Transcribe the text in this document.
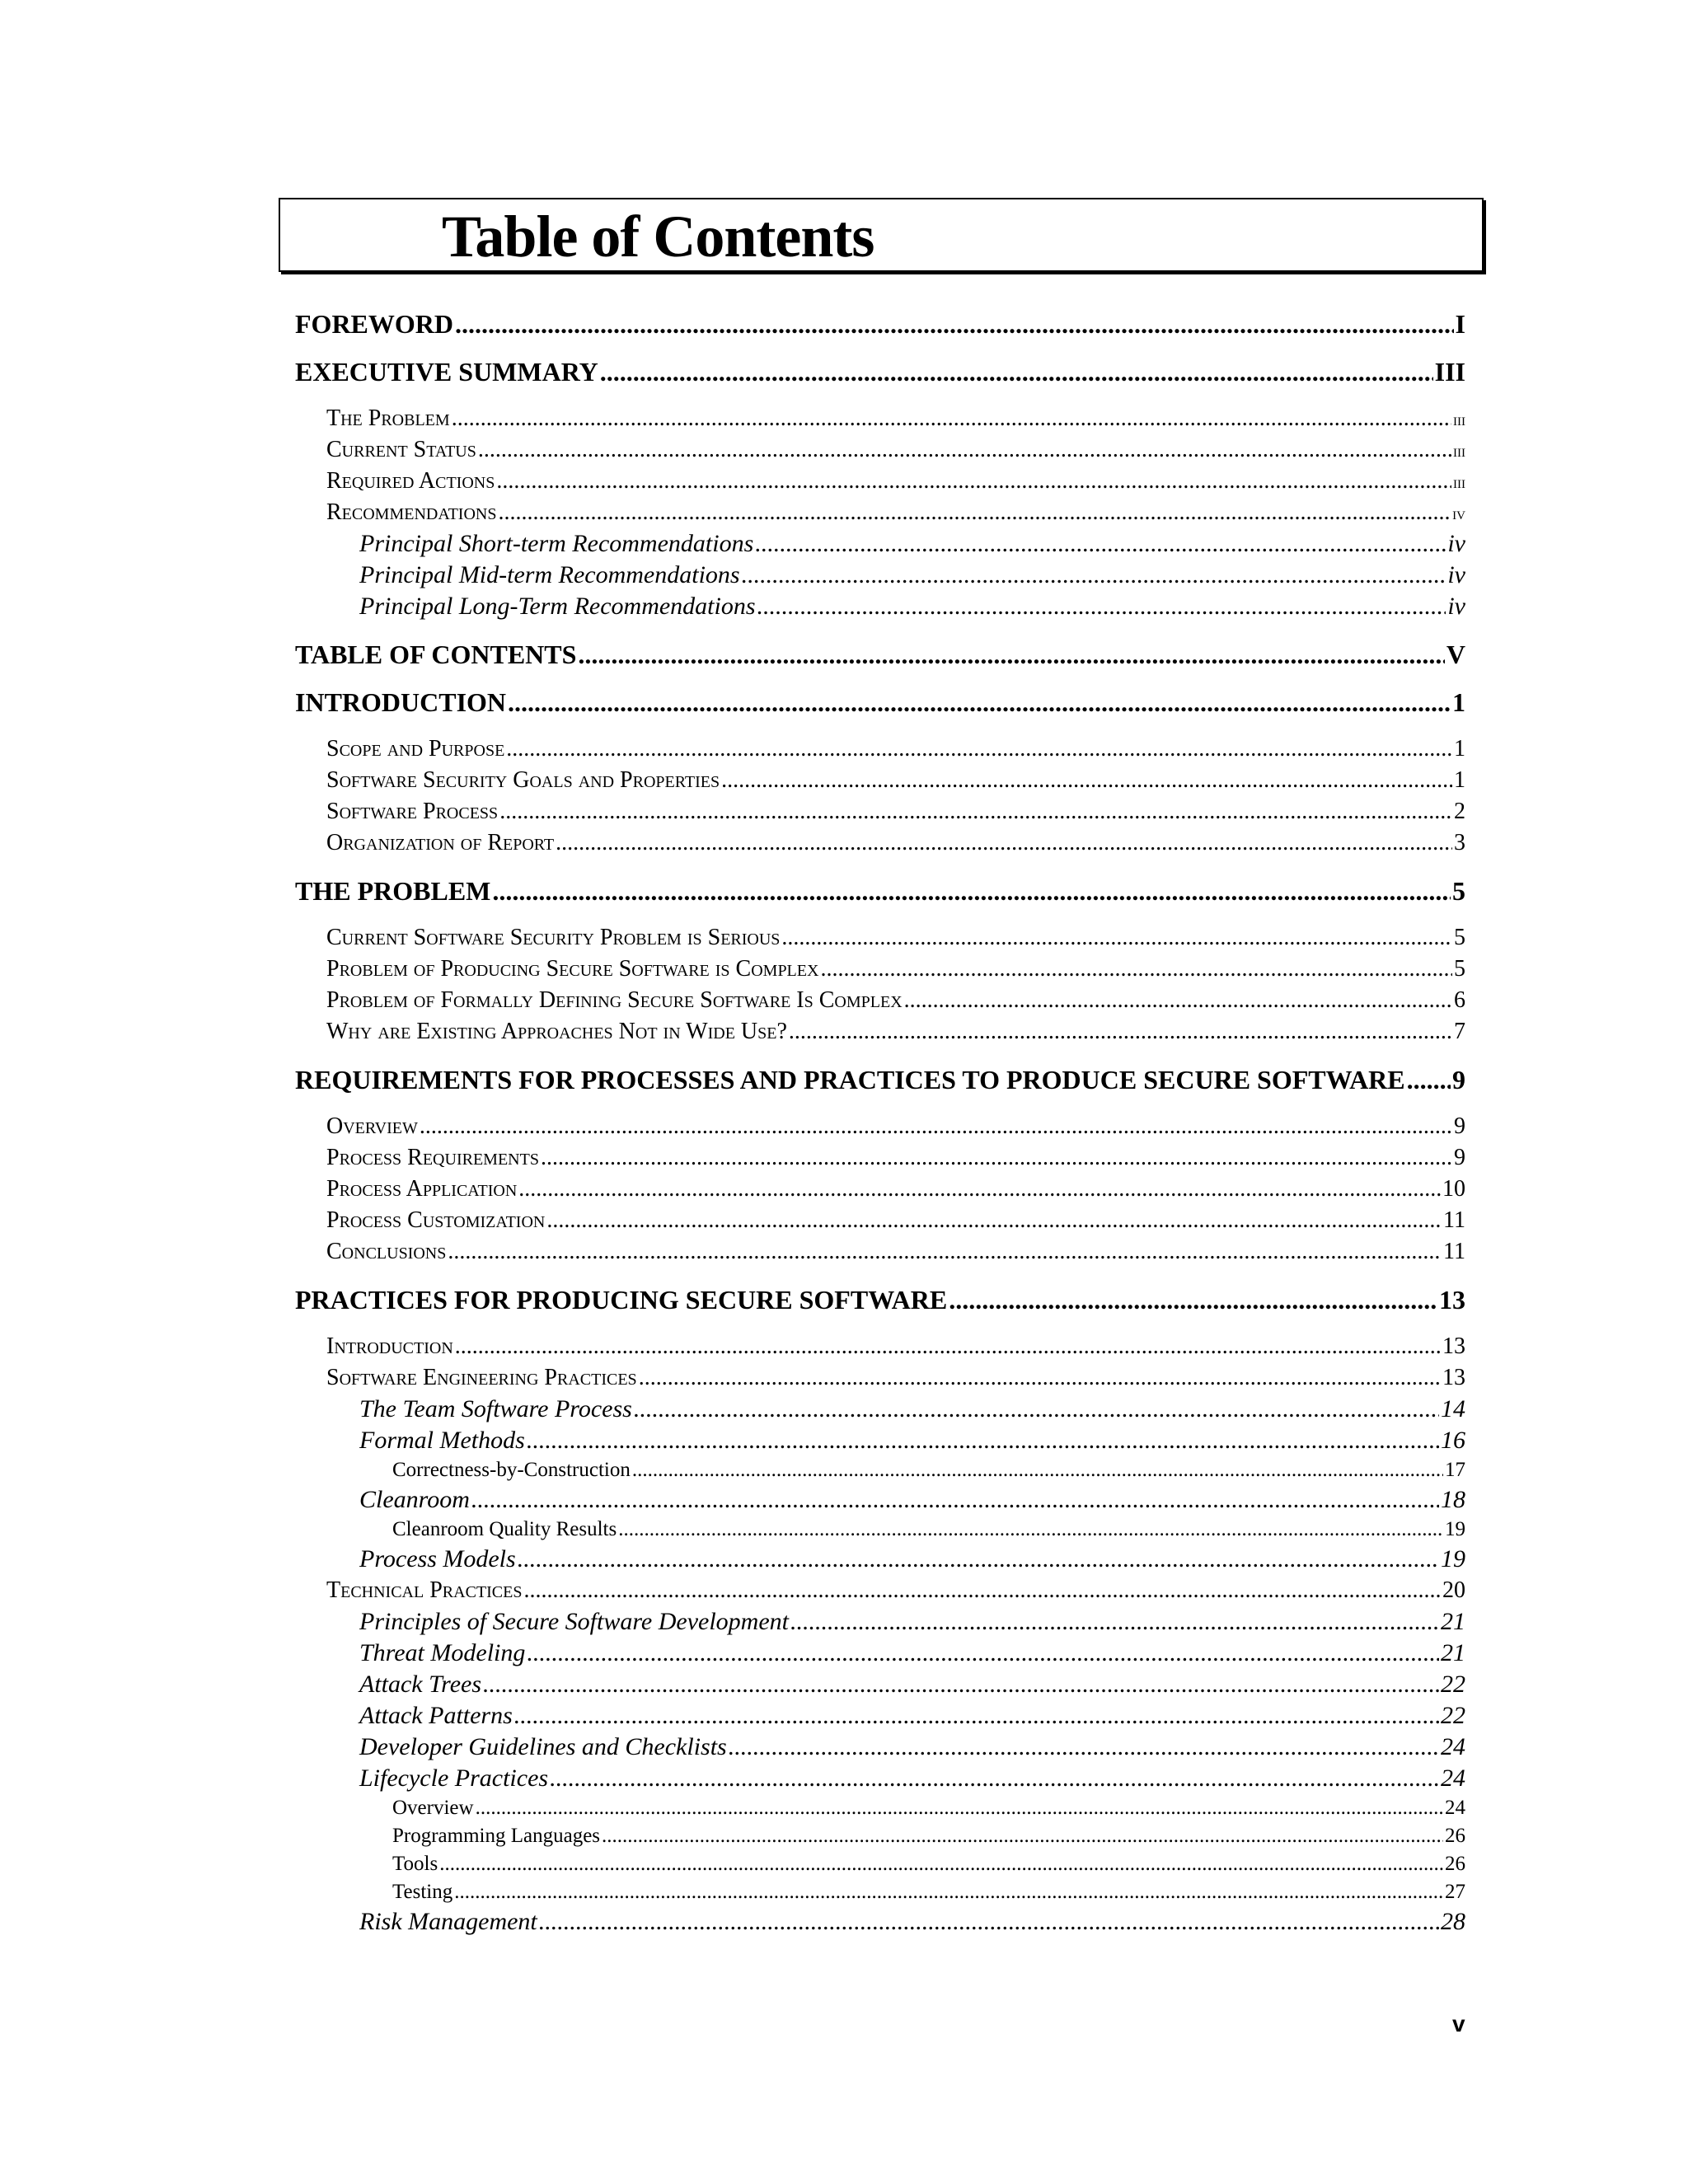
Table of Contents
FOREWORD .....	I
EXECUTIVE SUMMARY .....	III
The Problem .....	iii
Current Status .....	iii
Required Actions .....	iii
Recommendations .....	iv
Principal Short-term Recommendations .....	iv
Principal Mid-term Recommendations .....	iv
Principal Long-Term Recommendations .....	iv
TABLE OF CONTENTS .....	V
INTRODUCTION .....	1
Scope and Purpose .....	1
Software Security Goals and Properties .....	1
Software Process .....	2
Organization of Report .....	3
THE PROBLEM .....	5
Current Software Security Problem is Serious .....	5
Problem of Producing Secure Software is Complex .....	5
Problem of Formally Defining Secure Software Is Complex .....	6
Why are Existing Approaches Not in Wide Use? .....	7
REQUIREMENTS FOR PROCESSES AND PRACTICES TO PRODUCE SECURE SOFTWARE ..... 9
Overview .....	9
Process Requirements .....	9
Process Application .....	10
Process Customization .....	11
Conclusions .....	11
PRACTICES FOR PRODUCING SECURE SOFTWARE .....	13
Introduction .....	13
Software Engineering Practices .....	13
The Team Software Process .....	14
Formal Methods .....	16
Correctness-by-Construction .....	17
Cleanroom .....	18
Cleanroom Quality Results .....	19
Process Models .....	19
Technical Practices .....	20
Principles of Secure Software Development .....	21
Threat Modeling .....	21
Attack Trees .....	22
Attack Patterns .....	22
Developer Guidelines and Checklists .....	24
Lifecycle Practices .....	24
Overview .....	24
Programming Languages .....	26
Tools .....	26
Testing .....	27
Risk Management .....	28
v
